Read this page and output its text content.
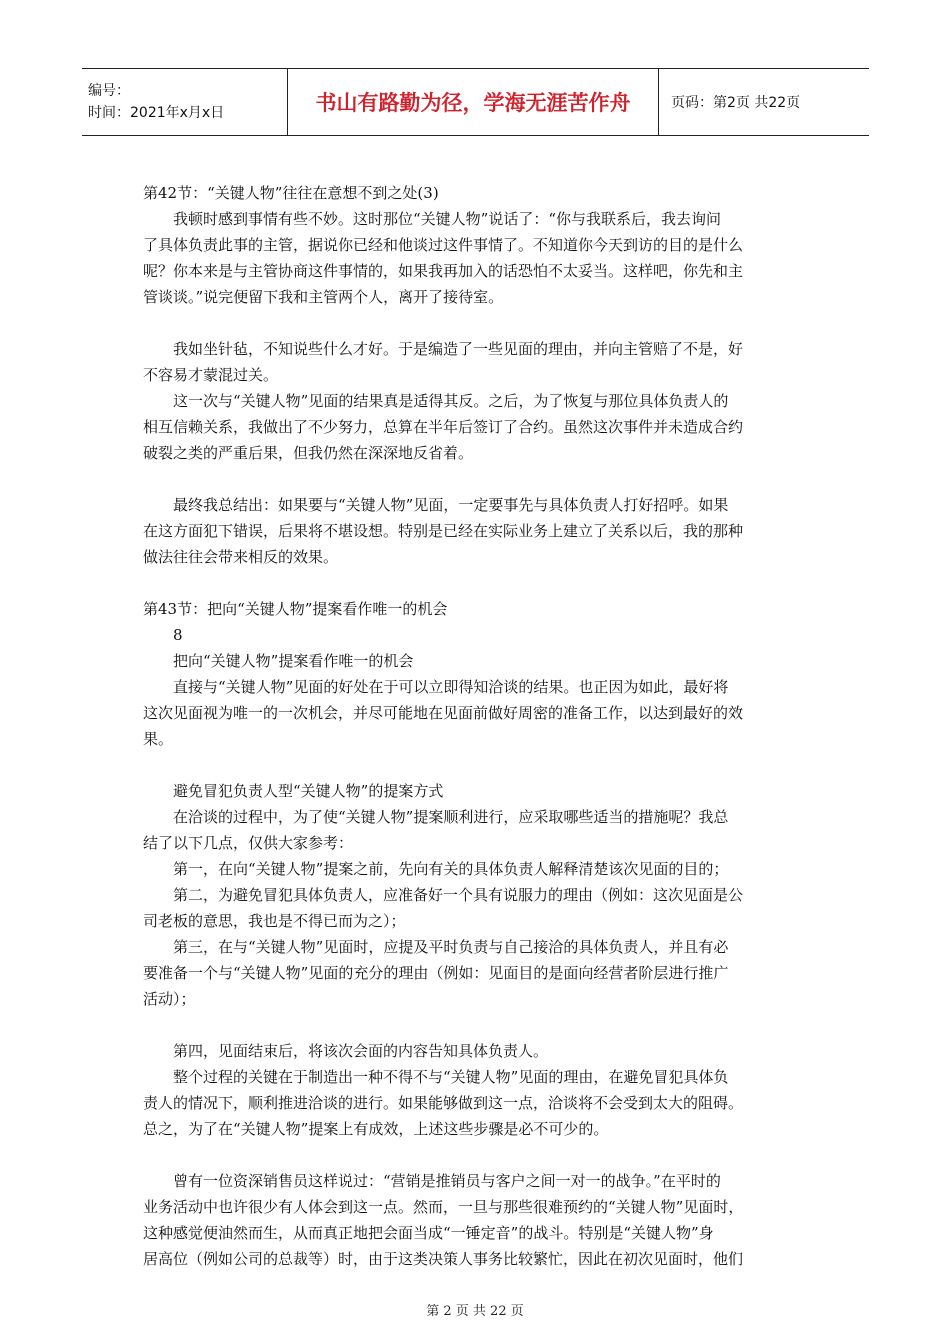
编号：
时间：2021年x月x日	书山有路勤为径，学海无涯苦作舟	页码：第2页 共22页
第42节：“关键人物”往往在意想不到之处(3)
我顿时感到事情有些不妙。这时那位“关键人物”说话了：“你与我联系后，我去询问
了具体负责此事的主管，据说你已经和他谈过这件事情了。不知道你今天到访的目的是什么
呢？你本来是与主管协商这件事情的，如果我再加入的话恐怕不太妥当。这样吧，你先和主
管谈谈。”说完便留下我和主管两个人，离开了接待室。
我如坐针毡，不知说些什么才好。于是编造了一些见面的理由，并向主管赔了不是，好
不容易才蒙混过关。
这一次与“关键人物”见面的结果真是适得其反。之后，为了恢复与那位具体负责人的
相互信赖关系，我做出了不少努力，总算在半年后签订了合约。虽然这次事件并未造成合约
破裂之类的严重后果，但我仍然在深深地反省着。
最终我总结出：如果要与“关键人物”见面，一定要事先与具体负责人打好招呼。如果
在这方面犯下错误，后果将不堪设想。特别是已经在实际业务上建立了关系以后，我的那种
做法往往会带来相反的效果。
第43节：把向“关键人物”提案看作唯一的机会
8
把向“关键人物”提案看作唯一的机会
直接与“关键人物”见面的好处在于可以立即得知洽谈的结果。也正因为如此，最好将
这次见面视为唯一的一次机会，并尽可能地在见面前做好周密的准备工作，以达到最好的效
果。
避免冒犯负责人型“关键人物”的提案方式
在洽谈的过程中，为了使“关键人物”提案顺利进行，应采取哪些适当的措施呢？我总
结了以下几点，仅供大家参考：
第一，在向“关键人物”提案之前，先向有关的具体负责人解释清楚该次见面的目的；
第二，为避免冒犯具体负责人，应准备好一个具有说服力的理由（例如：这次见面是公
司老板的意思，我也是不得已而为之）；
第三，在与“关键人物”见面时，应提及平时负责与自己接洽的具体负责人，并且有必
要准备一个与“关键人物”见面的充分的理由（例如：见面目的是面向经营者阶层进行推广
活动）；
第四，见面结束后，将该次会面的内容告知具体负责人。
整个过程的关键在于制造出一种不得不与“关键人物”见面的理由，在避免冒犯具体负
责人的情况下，顺利推进洽谈的进行。如果能够做到这一点，洽谈将不会受到太大的阻碍。
总之，为了在“关键人物”提案上有成效，上述这些步骤是必不可少的。
曾有一位资深销售员这样说过：“营销是推销员与客户之间一对一的战争。”在平时的
业务活动中也许很少有人体会到这一点。然而，一旦与那些很难预约的“关键人物”见面时，
这种感觉便油然而生，从而真正地把会面当成“一锤定音”的战斗。特别是“关键人物”身
居高位（例如公司的总裁等）时，由于这类决策人事务比较繁忙，因此在初次见面时，他们
第 2 页 共 22 页
